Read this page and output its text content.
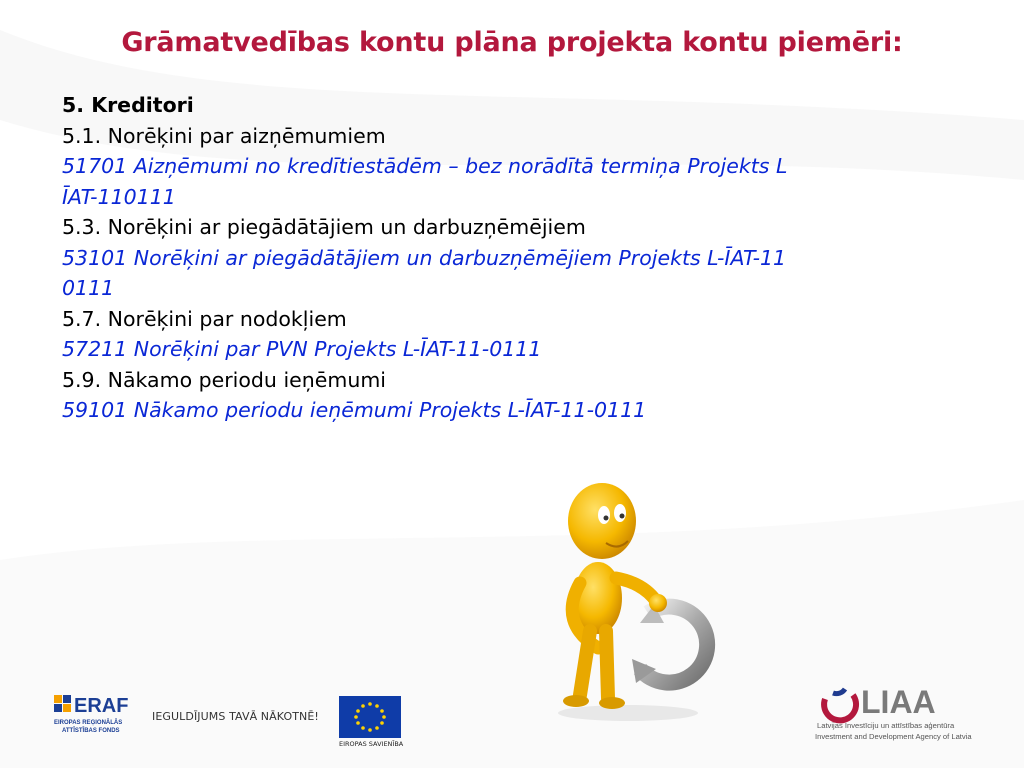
Grāmatvedības kontu plāna projekta kontu piemēri:
5. Kreditori
5.1. Norēķini par aizņēmumiem
51701 Aizņēmumi no kredītiestādēm – bez norādītā termiņa Projekts L
ĪAT-110111
5.3. Norēķini ar piegādātājiem un darbuzņēmējiem
53101 Norēķini ar piegādātājiem un darbuzņēmējiem Projekts L-ĪAT-11
0111
5.7. Norēķini par nodokļiem
57211 Norēķini par PVN Projekts L-ĪAT-11-0111
5.9. Nākamo periodu ieņēmumi
59101 Nākamo periodu ieņēmumi Projekts L-ĪAT-11-0111
ERAF
EIROPAS REĢIONĀLĀS
ATTĪSTĪBAS FONDS
IEGULDĪJUMS TAVĀ NĀKOTNĒ!
EIROPAS SAVIENĪBA
LIAA
Latvijas Investīciju un attīstības aģentūra
Investment and Development Agency of Latvia
